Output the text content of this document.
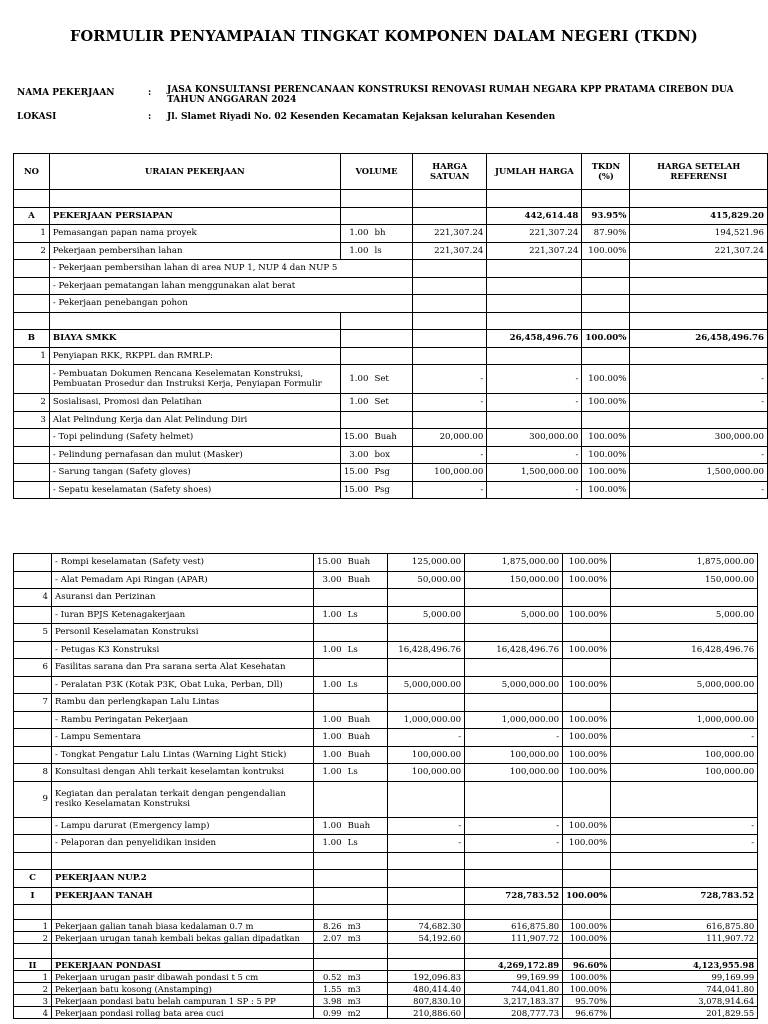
FORMULIR PENYAMPAIAN TINGKAT KOMPONEN DALAM NEGERI (TKDN)
NAMA PEKERJAAN	: JASA KONSULTANSI PERENCANAAN KONSTRUKSI RENOVASI RUMAH NEGARA KPP PRATAMA CIREBON DUA TAHUN ANGGARAN 2024
LOKASI	: Jl. Slamet Riyadi No. 02 Kesenden Kecamatan Kejaksan kelurahan Kesenden
NO	URAIAN PEKERJAAN	VOLUME		HARGA SATUAN	JUMLAH HARGA	TKDN (%)	HARGA SETELAH REFERENSI

A	PEKERJAAN PERSIAPAN				442,614.48	93.95%	415,829.20
1	Pemasangan papan nama proyek	1.00	bh	221,307.24	221,307.24	87.90%	194,521.96
2	Pekerjaan pembersihan lahan	1.00	ls	221,307.24	221,307.24	100.00%	221,307.24
	- Pekerjaan pembersihan lahan di area NUP 1, NUP 4 dan NUP 5						
	- Pekerjaan pematangan lahan menggunakan alat berat						
	- Pekerjaan penebangan pohon						

B	BIAYA SMKK				26,458,496.76	100.00%	26,458,496.76
1	Penyiapan RKK, RKPPL dan RMRLP:						
	- Pembuatan Dokumen Rencana Keselematan Konstruksi, Pembuatan Prosedur dan Instruksi Kerja, Penyiapan Formulir	1.00	Set	-	-	100.00%	-
2	Sosialisasi, Promosi dan Pelatihan	1.00	Set	-	-	100.00%	-
3	Alat Pelindung Kerja dan Alat Pelindung Diri						
	- Topi pelindung (Safety helmet)	15.00	Buah	20,000.00	300,000.00	100.00%	300,000.00
	- Pelindung pernafasan dan mulut (Masker)	3.00	box	-	-	100.00%	-
	- Sarung tangan (Safety gloves)	15.00	Psg	100,000.00	1,500,000.00	100.00%	1,500,000.00
	- Sepatu keselamatan (Safety shoes)	15.00	Psg	-	-	100.00%	-
	- Rompi keselamatan (Safety vest)	15.00	Buah	125,000.00	1,875,000.00	100.00%	1,875,000.00
	- Alat Pemadam Api Ringan (APAR)	3.00	Buah	50,000.00	150,000.00	100.00%	150,000.00
4	Asuransi dan Perizinan						
	- Iuran BPJS Ketenagakerjaan	1.00	Ls	5,000.00	5,000.00	100.00%	5,000.00
5	Personil Keselamatan Konstruksi						
	- Petugas K3 Konstruksi	1.00	Ls	16,428,496.76	16,428,496.76	100.00%	16,428,496.76
6	Fasilitas sarana dan Pra sarana serta Alat Kesehatan						
	- Peralatan P3K (Kotak P3K, Obat Luka, Perban, Dll)	1.00	Ls	5,000,000.00	5,000,000.00	100.00%	5,000,000.00
7	Rambu dan perlengkapan Lalu Lintas						
	- Rambu Peringatan Pekerjaan	1.00	Buah	1,000,000.00	1,000,000.00	100.00%	1,000,000.00
	- Lampu Sementara	1.00	Buah	-	-	100.00%	-
	- Tongkat Pengatur Lalu Lintas (Warning Light Stick)	1.00	Buah	100,000.00	100,000.00	100.00%	100,000.00
8	Konsultasi dengan Ahli terkait keselamtan kontruksi	1.00	Ls	100,000.00	100,000.00	100.00%	100,000.00
9	Kegiatan dan peralatan terkait dengan pengendalian resiko Keselamatan Konstruksi						
	- Lampu darurat (Emergency lamp)	1.00	Buah	-	-	100.00%	-
	- Pelaporan dan penyelidikan insiden	1.00	Ls	-	-	100.00%	-

C	PEKERJAAN NUP.2						
I	PEKERJAAN TANAH				728,783.52	100.00%	728,783.52

1	Pekerjaan galian tanah biasa kedalaman 0.7 m	8.26	m3	74,682.30	616,875.80	100.00%	616,875.80
2	Pekerjaan urugan tanah kembali bekas galian dipadatkan	2.07	m3	54,192.60	111,907.72	100.00%	111,907.72

II	PEKERJAAN PONDASI				4,269,172.89	96.60%	4,123,955.98
1	Pekerjaan urugan pasir dibawah pondasi t 5 cm	0.52	m3	192,096.83	99,169.99	100.00%	99,169.99
2	Pekerjaan batu kosong (Anstamping)	1.55	m3	480,414.40	744,041.80	100.00%	744,041.80
3	Pekerjaan pondasi batu belah campuran 1 SP : 5 PP	3.98	m3	807,830.10	3,217,183.37	95.70%	3,078,914.64
4	Pekerjaan pondasi rollag bata area cuci	0.99	m2	210,886.60	208,777.73	96.67%	201,829.55
